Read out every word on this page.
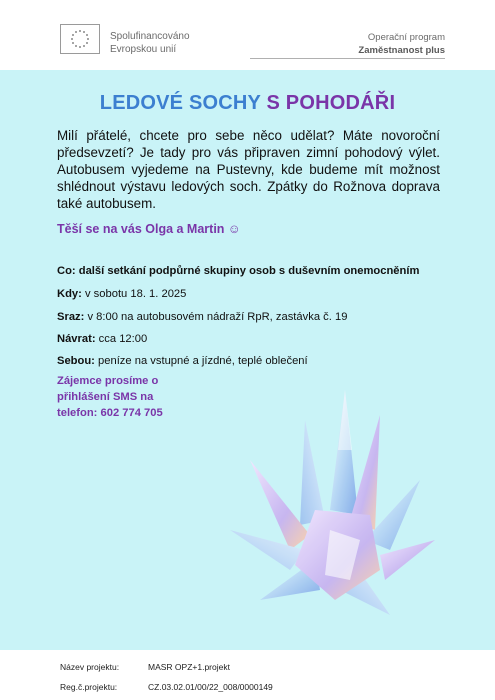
Spolufinancováno
Evropskou unií
Operační program
Zaměstnanost plus
LEDOVÉ SOCHY S POHODÁŘI
Milí přátelé, chcete pro sebe něco udělat? Máte novoroční předsevzetí? Je tady pro vás připraven zimní pohodový výlet. Autobusem vyjedeme na Pustevny, kde budeme mít možnost shlédnout výstavu ledových soch. Zpátky do Rožnova doprava také autobusem.
Těší se na vás Olga a Martin ☺
Co: další setkání podpůrné skupiny osob s duševním onemocněním
Kdy: v sobotu 18. 1. 2025
Sraz: v 8:00 na autobusovém nádraží RpR, zastávka č. 19
Návrat: cca 12:00
Sebou: peníze na vstupné a jízdné, teplé oblečení
Zájemce prosíme o
přihlášení SMS na
telefon: 602 774 705
Název projektu:	MASR OPZ+1.projekt
Reg.č.projektu:	CZ.03.02.01/00/22_008/0000149
